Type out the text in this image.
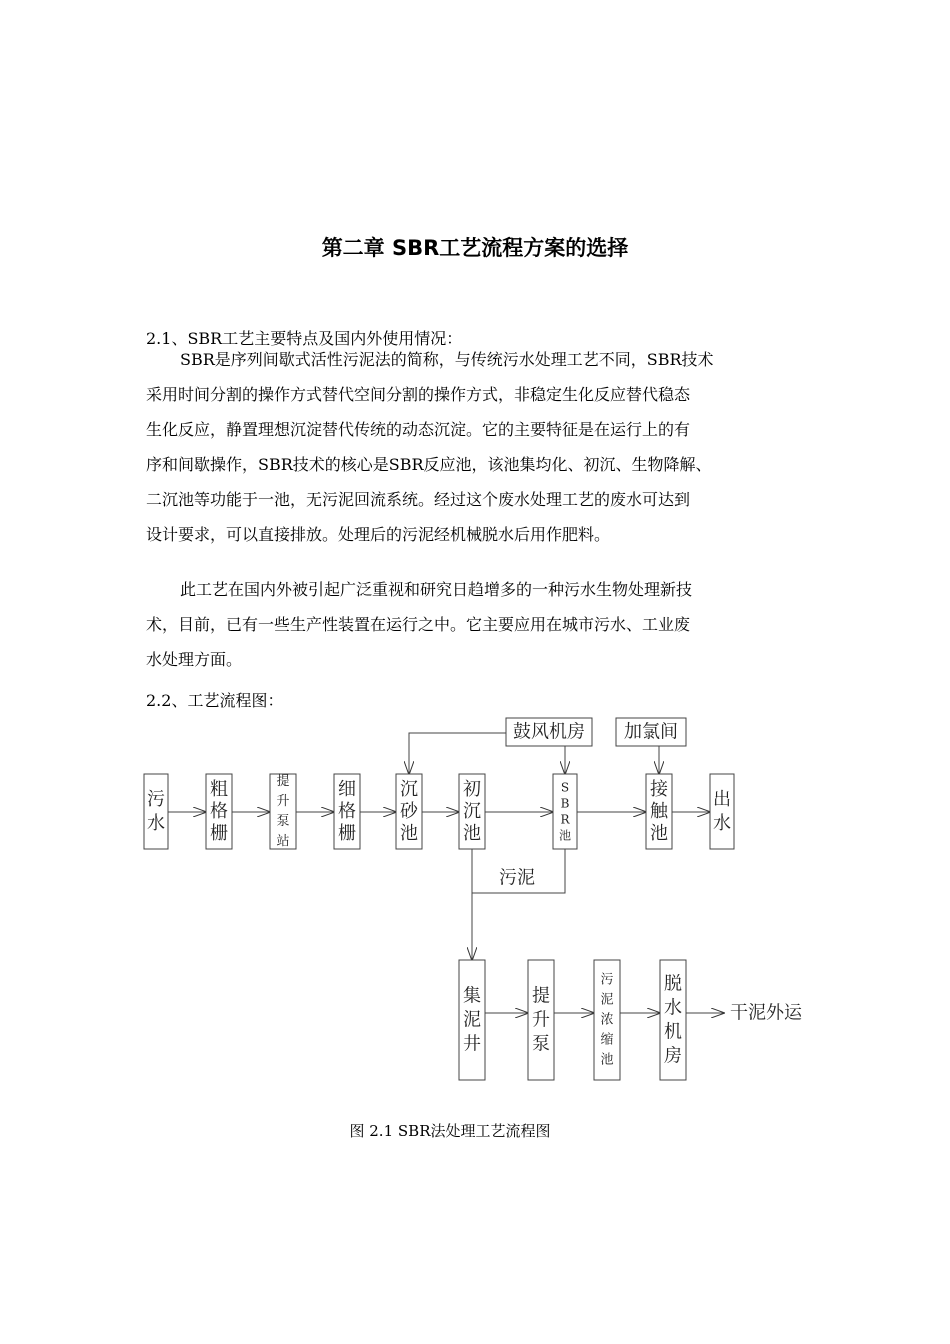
第二章 SBR工艺流程方案的选择
2.1、SBR工艺主要特点及国内外使用情况：
SBR是序列间歇式活性污泥法的简称，与传统污水处理工艺不同，SBR技术
采用时间分割的操作方式替代空间分割的操作方式，非稳定生化反应替代稳态
生化反应，静置理想沉淀替代传统的动态沉淀。它的主要特征是在运行上的有
序和间歇操作，SBR技术的核心是SBR反应池，该池集均化、初沉、生物降解、
二沉池等功能于一池，无污泥回流系统。经过这个废水处理工艺的废水可达到
设计要求，可以直接排放。处理后的污泥经机械脱水后用作肥料。
此工艺在国内外被引起广泛重视和研究日趋增多的一种污水生物处理新技
术，目前，已有一些生产性装置在运行之中。它主要应用在城市污水、工业废
水处理方面。
2.2、工艺流程图：
污
水
粗
格
栅
提
升
泵
站
细
格
栅
沉
砂
池
初
沉
池
S
B
R
池
接
触
池
出
水
集
泥
井
提
升
泵
污
泥
浓
缩
池
脱
水
机
房
鼓风机房 加氯间
污泥
干泥外运
图 2.1 SBR法处理工艺流程图
